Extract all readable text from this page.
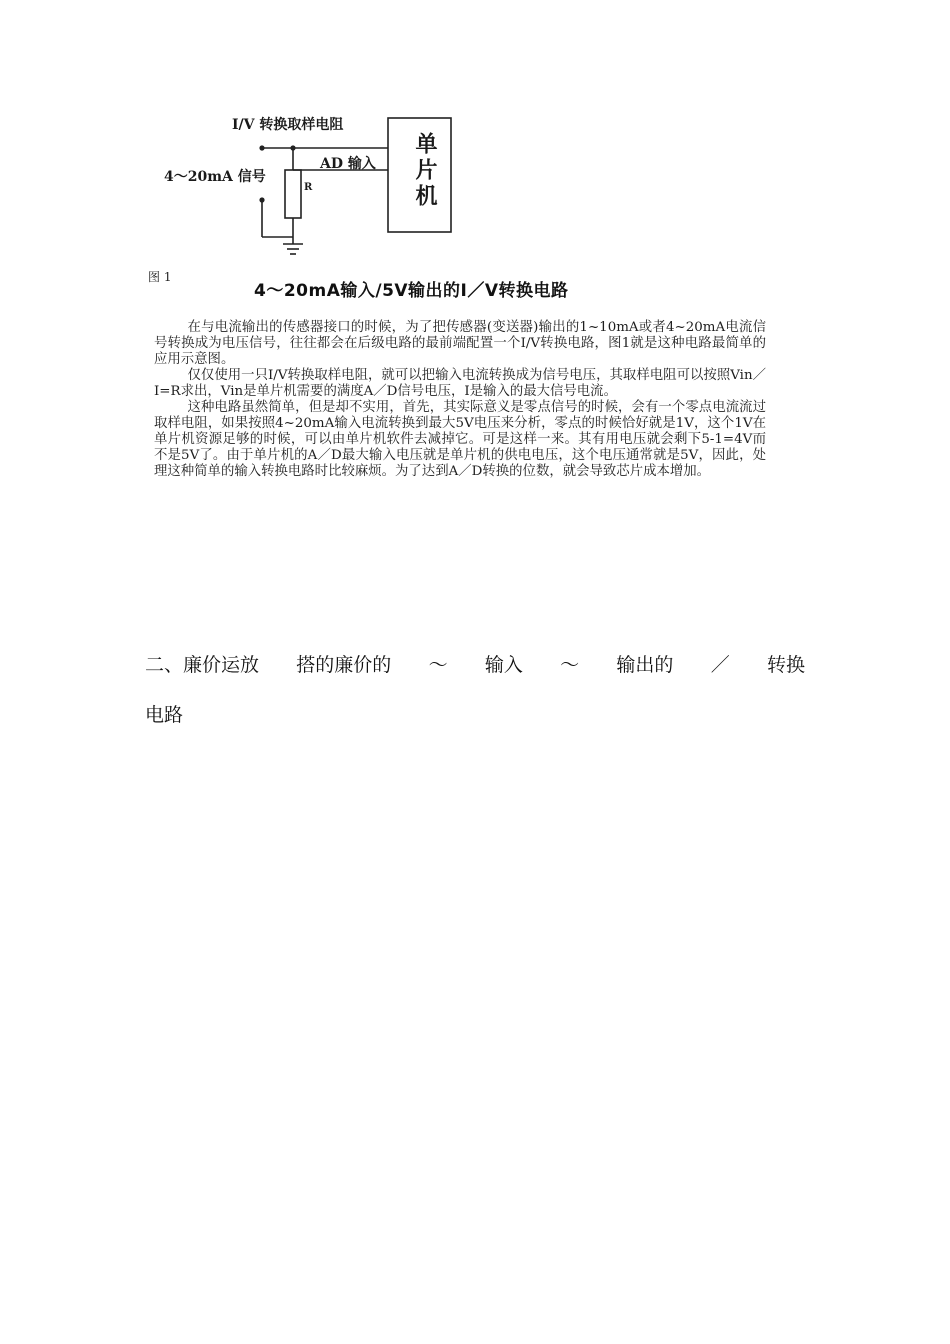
I/V 转换取样电阻
4～20mA 信号
AD 输入
R	单片机
图 1
4～20mA输入/5V输出的I／V转换电路

在与电流输出的传感器接口的时候，为了把传感器(变送器)输出的1~10mA或者4~20mA电流信号转换成为电压信号，往往都会在后级电路的最前端配置一个I/V转换电路，图1就是这种电路最简单的应用示意图。

仅仅使用一只I/V转换取样电阻，就可以把输入电流转换成为信号电压，其取样电阻可以按照Vin／I=R求出，Vin是单片机需要的满度A／D信号电压，I是输入的最大信号电流。

这种电路虽然简单，但是却不实用，首先，其实际意义是零点信号的时候，会有一个零点电流流过取样电阻，如果按照4~20mA输入电流转换到最大5V电压来分析，零点的时候恰好就是1V，这个1V在单片机资源足够的时候，可以由单片机软件去减掉它。可是这样一来。其有用电压就会剩下5-1=4V而不是5V了。由于单片机的A／D最大输入电压就是单片机的供电电压，这个电压通常就是5V，因此，处理这种简单的输入转换电路时比较麻烦。为了达到A／D转换的位数，就会导致芯片成本增加。

二、廉价运放 搭的廉价的 ～ 输入 ～ 输出的 ／ 转换
电路
